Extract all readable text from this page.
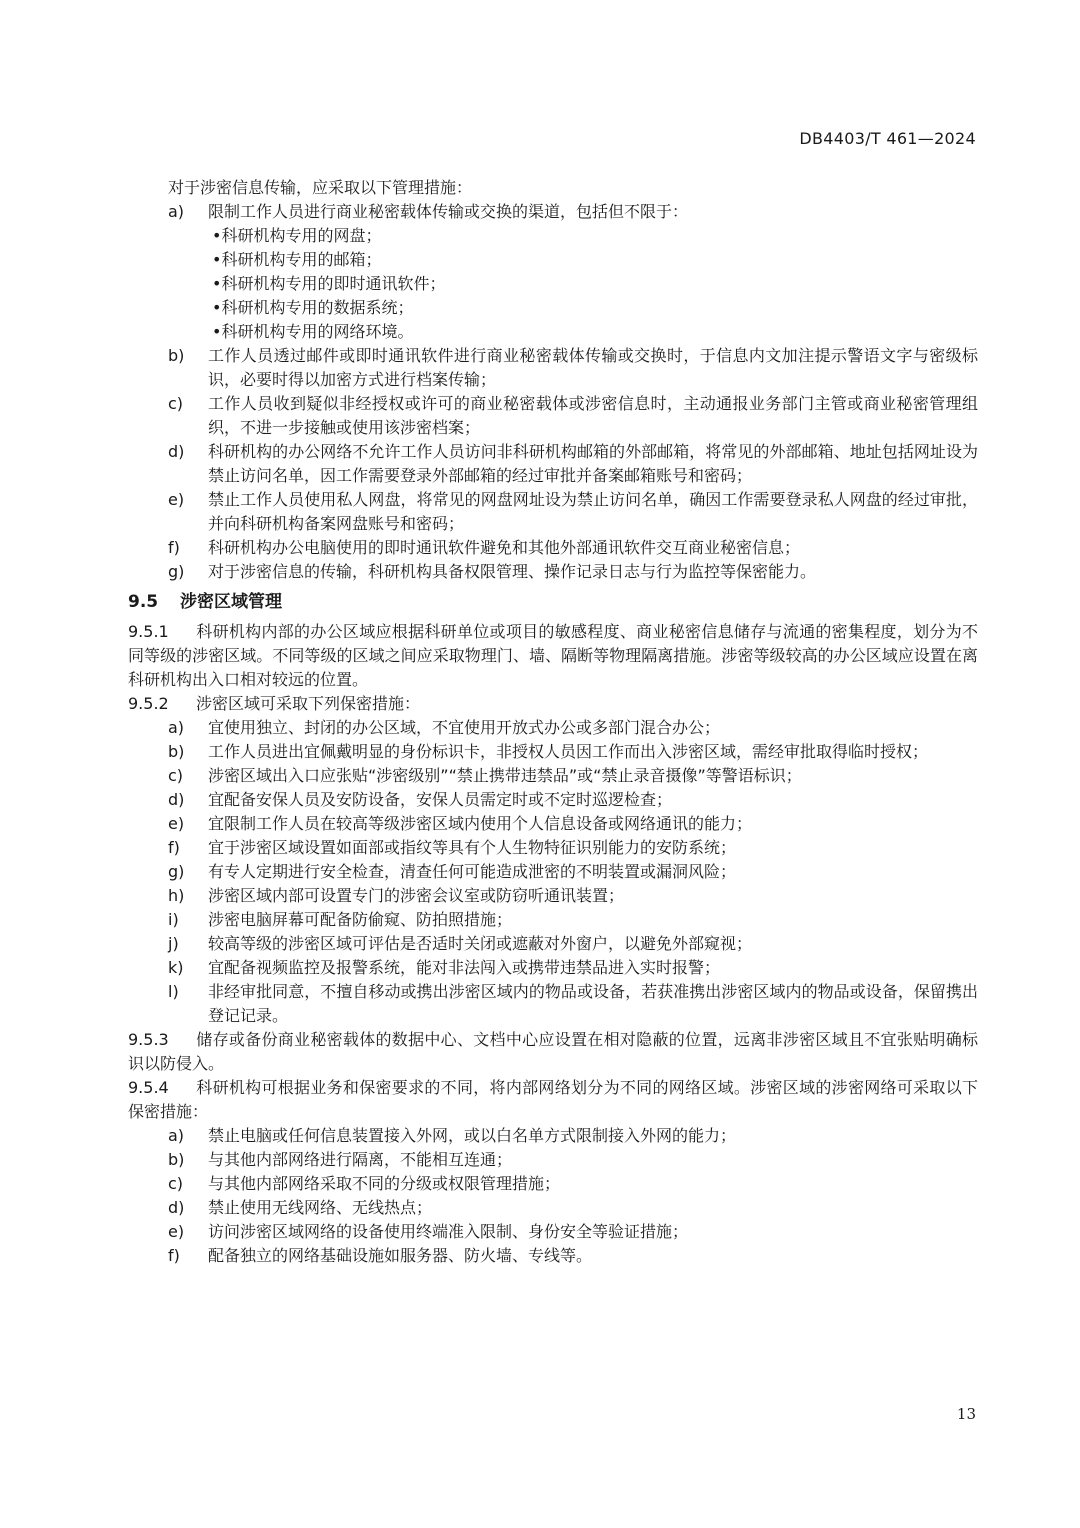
DB4403/T 461—2024
对于涉密信息传输，应采取以下管理措施：
a)	限制工作人员进行商业秘密载体传输或交换的渠道，包括但不限于：
•科研机构专用的网盘；
•科研机构专用的邮箱；
•科研机构专用的即时通讯软件；
•科研机构专用的数据系统；
•科研机构专用的网络环境。
b)	工作人员透过邮件或即时通讯软件进行商业秘密载体传输或交换时，于信息内文加注提示警语文字与密级标识，必要时得以加密方式进行档案传输；
c)	工作人员收到疑似非经授权或许可的商业秘密载体或涉密信息时，主动通报业务部门主管或商业秘密管理组织，不进一步接触或使用该涉密档案；
d)	科研机构的办公网络不允许工作人员访问非科研机构邮箱的外部邮箱，将常见的外部邮箱、地址包括网址设为禁止访问名单，因工作需要登录外部邮箱的经过审批并备案邮箱账号和密码；
e)	禁止工作人员使用私人网盘，将常见的网盘网址设为禁止访问名单，确因工作需要登录私人网盘的经过审批，并向科研机构备案网盘账号和密码；
f)	科研机构办公电脑使用的即时通讯软件避免和其他外部通讯软件交互商业秘密信息；
g)	对于涉密信息的传输，科研机构具备权限管理、操作记录日志与行为监控等保密能力。
9.5 涉密区域管理
9.5.1 科研机构内部的办公区域应根据科研单位或项目的敏感程度、商业秘密信息储存与流通的密集程度，划分为不同等级的涉密区域。不同等级的区域之间应采取物理门、墙、隔断等物理隔离措施。涉密等级较高的办公区域应设置在离科研机构出入口相对较远的位置。
9.5.2 涉密区域可采取下列保密措施：
a)	宜使用独立、封闭的办公区域，不宜使用开放式办公或多部门混合办公；
b)	工作人员进出宜佩戴明显的身份标识卡，非授权人员因工作而出入涉密区域，需经审批取得临时授权；
c)	涉密区域出入口应张贴“涉密级别”“禁止携带违禁品”或“禁止录音摄像”等警语标识；
d)	宜配备安保人员及安防设备，安保人员需定时或不定时巡逻检查；
e)	宜限制工作人员在较高等级涉密区域内使用个人信息设备或网络通讯的能力；
f)	宜于涉密区域设置如面部或指纹等具有个人生物特征识别能力的安防系统；
g)	有专人定期进行安全检查，清查任何可能造成泄密的不明装置或漏洞风险；
h)	涉密区域内部可设置专门的涉密会议室或防窃听通讯装置；
i)	涉密电脑屏幕可配备防偷窥、防拍照措施；
j)	较高等级的涉密区域可评估是否适时关闭或遮蔽对外窗户，以避免外部窥视；
k)	宜配备视频监控及报警系统，能对非法闯入或携带违禁品进入实时报警；
l)	非经审批同意，不擅自移动或携出涉密区域内的物品或设备，若获准携出涉密区域内的物品或设备，保留携出登记记录。
9.5.3 储存或备份商业秘密载体的数据中心、文档中心应设置在相对隐蔽的位置，远离非涉密区域且不宜张贴明确标识以防侵入。
9.5.4 科研机构可根据业务和保密要求的不同，将内部网络划分为不同的网络区域。涉密区域的涉密网络可采取以下保密措施：
a)	禁止电脑或任何信息装置接入外网，或以白名单方式限制接入外网的能力；
b)	与其他内部网络进行隔离，不能相互连通；
c)	与其他内部网络采取不同的分级或权限管理措施；
d)	禁止使用无线网络、无线热点；
e)	访问涉密区域网络的设备使用终端准入限制、身份安全等验证措施；
f)	配备独立的网络基础设施如服务器、防火墙、专线等。
13
